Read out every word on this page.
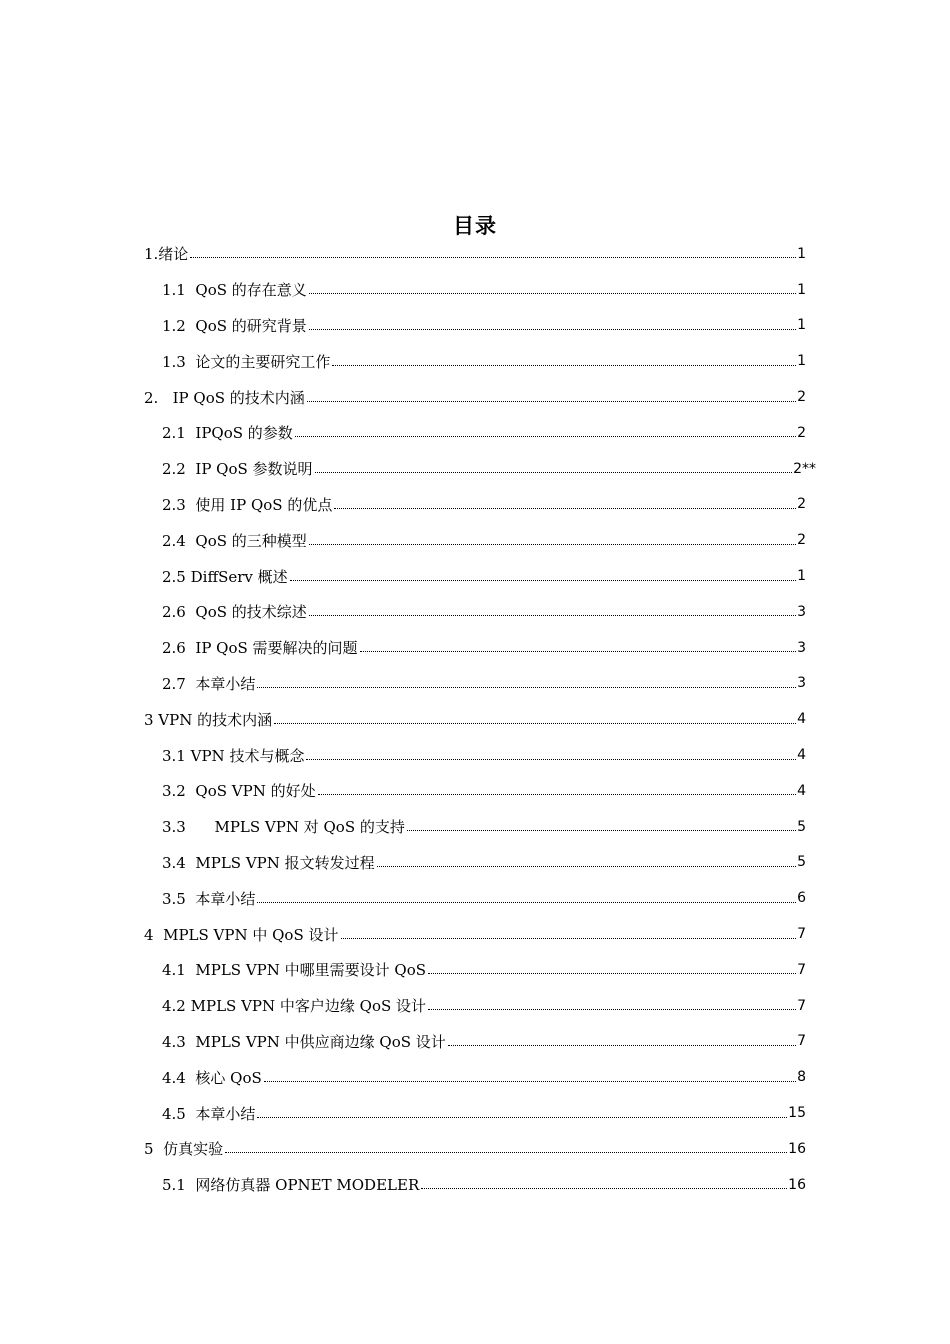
目录
1.绪论	1
1.1  QoS 的存在意义	1
1.2  QoS 的研究背景	1
1.3  论文的主要研究工作	1
2.   IP QoS 的技术内涵	2
2.1  IPQoS 的参数	2
2.2  IP QoS 参数说明	2**
2.3  使用 IP QoS 的优点	2
2.4  QoS 的三种模型	2
2.5 DiffServ 概述	1
2.6  QoS 的技术综述	3
2.6  IP QoS 需要解决的问题	3
2.7  本章小结	3
3 VPN 的技术内涵	4
3.1 VPN 技术与概念	4
3.2  QoS VPN 的好处	4
3.3      MPLS VPN 对 QoS 的支持	5
3.4  MPLS VPN 报文转发过程	5
3.5  本章小结	6
4  MPLS VPN 中 QoS 设计	7
4.1  MPLS VPN 中哪里需要设计 QoS	7
4.2 MPLS VPN 中客户边缘 QoS 设计	7
4.3  MPLS VPN 中供应商边缘 QoS 设计	7
4.4  核心 QoS	8
4.5  本章小结	15
5  仿真实验	16
5.1  网络仿真器 OPNET MODELER	16
